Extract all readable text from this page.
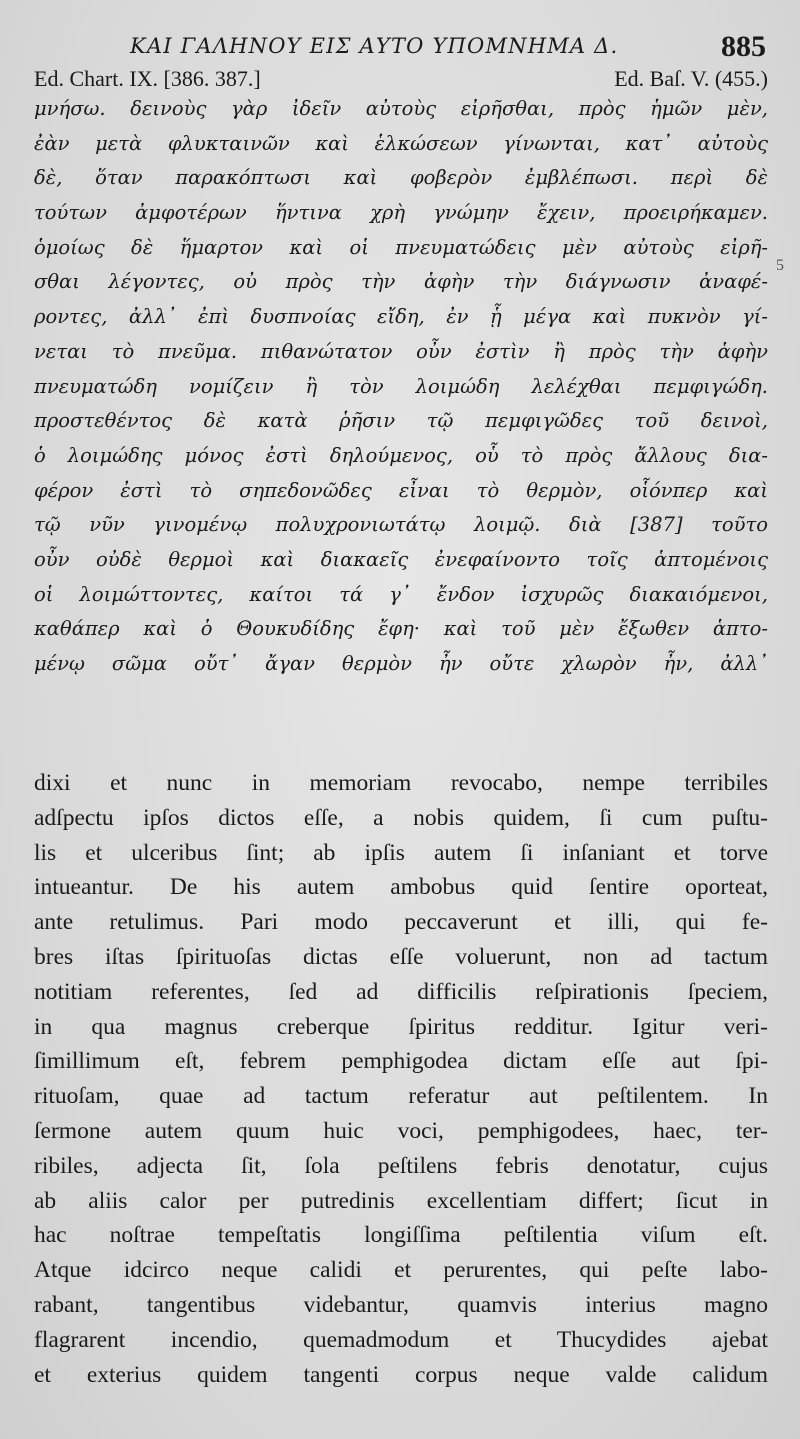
ΚΑΙ ΓΑΛΗΝΟΥ ΕΙΣ ΑΥΤΟ ΥΠΟΜΝΗΜΑ Δ.	885
Ed. Chart. IX. [386. 387.]	Ed. Baſ. V. (455.)
μνήσω. δεινοὺς γὰρ ἰδεῖν αὐτοὺς εἰρῆσθαι, πρὸς ἡμῶν μὲν,
ἐὰν μετὰ φλυκταινῶν καὶ ἑλκώσεων γίνωνται, κατ᾽ αὐτοὺς
δὲ, ὅταν παρακόπτωσι καὶ φοβερὸν ἐμβλέπωσι. περὶ δὲ
τούτων ἀμφοτέρων ἥντινα χρὴ γνώμην ἔχειν, προειρήκαμεν.
ὁμοίως δὲ ἥμαρτον καὶ οἱ πνευματώδεις μὲν αὐτοὺς εἰρῆ-
σθαι λέγοντες, οὐ πρὸς τὴν ἁφὴν τὴν διάγνωσιν ἀναφέ-
ροντες, ἀλλ᾽ ἐπὶ δυσπνοίας εἴδη, ἐν ᾗ μέγα καὶ πυκνὸν γί-
νεται τὸ πνεῦμα. πιθανώτατον οὖν ἐστὶν ἢ πρὸς τὴν ἁφὴν
πνευματώδη νομίζειν ἢ τὸν λοιμώδη λελέχθαι πεμφιγώδη.
προστεθέντος δὲ κατὰ ῥῆσιν τῷ πεμφιγῶδες τοῦ δεινοὶ,
ὁ λοιμώδης μόνος ἐστὶ δηλούμενος, οὗ τὸ πρὸς ἄλλους δια-
φέρον ἐστὶ τὸ σηπεδονῶδες εἶναι τὸ θερμὸν, οἷόνπερ καὶ
τῷ νῦν γινομένῳ πολυχρονιωτάτῳ λοιμῷ. διὰ [387] τοῦτο
οὖν οὐδὲ θερμοὶ καὶ διακαεῖς ἐνεφαίνοντο τοῖς ἁπτομένοις
οἱ λοιμώττοντες, καίτοι τά γ᾽ ἔνδον ἰσχυρῶς διακαιόμενοι,
καθάπερ καὶ ὁ Θουκυδίδης ἔφη· καὶ τοῦ μὲν ἔξωθεν ἁπτο-
μένῳ σῶμα οὔτ᾽ ἄγαν θερμὸν ἦν οὔτε χλωρὸν ἦν, ἀλλ᾽
5
dixi et nunc in memoriam revocabo, nempe terribiles
adſpectu ipſos dictos eſſe, a nobis quidem, ſi cum puſtu-
lis et ulceribus ſint; ab ipſis autem ſi inſaniant et torve
intueantur. De his autem ambobus quid ſentire oporteat,
ante retulimus. Pari modo peccaverunt et illi, qui fe-
bres iſtas ſpirituoſas dictas eſſe voluerunt, non ad tactum
notitiam referentes, ſed ad difficilis reſpirationis ſpeciem,
in qua magnus creberque ſpiritus redditur. Igitur veri-
ſimillimum eſt, febrem pemphigodea dictam eſſe aut ſpi-
rituoſam, quae ad tactum referatur aut peſtilentem. In
ſermone autem quum huic voci, pemphigodees, haec, ter-
ribiles, adjecta ſit, ſola peſtilens febris denotatur, cujus
ab aliis calor per putredinis excellentiam differt; ſicut in
hac noſtrae tempeſtatis longiſſima peſtilentia viſum eſt.
Atque idcirco neque calidi et perurentes, qui peſte labo-
rabant, tangentibus videbantur, quamvis interius magno
flagrarent incendio, quemadmodum et Thucydides ajebat
et exterius quidem tangenti corpus neque valde calidum
